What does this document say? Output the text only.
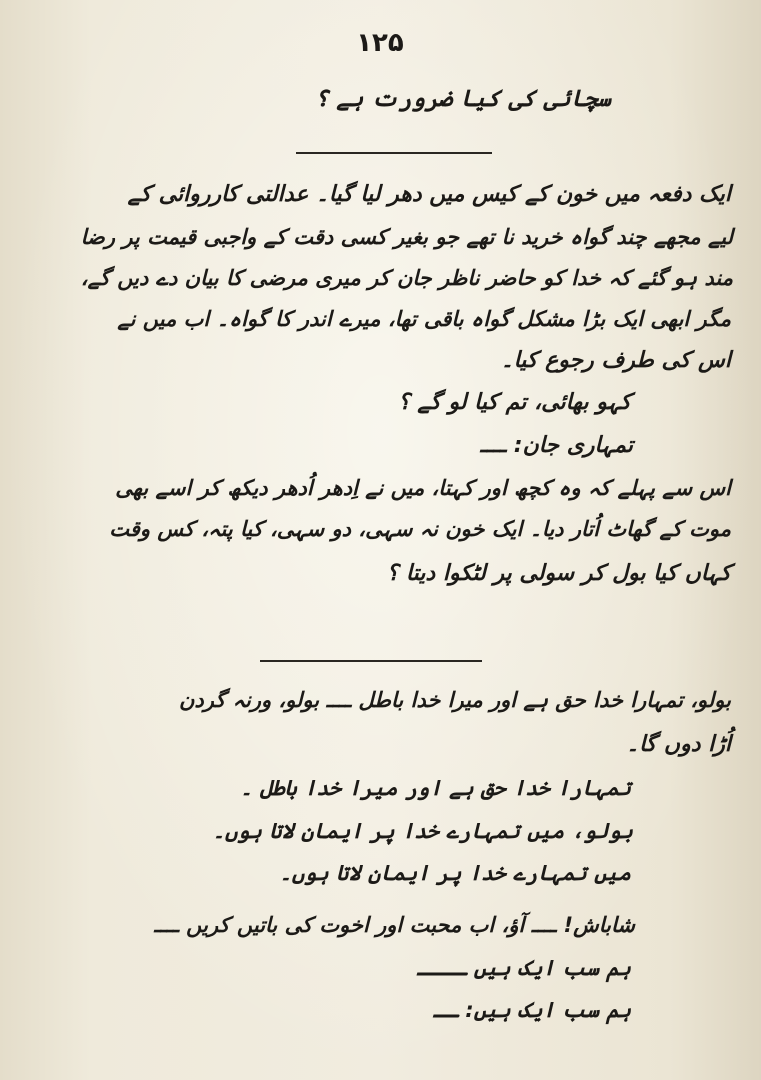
۱۲۵
سچائی کی کیا ضرورت ہے ؟
ایک دفعہ میں خون کے کیس میں دھر لیا گیا۔ عدالتی کارروائی کے
لیے مجھے چند گواہ خرید نا تھے جو بغیر کسی دقت کے واجبی قیمت پر رضا
مند ہو گئے کہ خدا کو حاضر ناظر جان کر میری مرضی کا بیان دے دیں گے،
مگر ابھی ایک بڑا مشکل گواہ باقی تھا، میرے اندر کا گواہ۔ اب میں نے
اس کی طرف رجوع کیا۔
کہو بھائی، تم کیا لو گے ؟
تمہاری جان: ــــ
اس سے پہلے کہ وہ کچھ اور کہتا، میں نے اِدھر اُدھر دیکھ کر اسے بھی
موت کے گھاٹ اُتار دیا۔ ایک خون نہ سہی، دو سہی، کیا پتہ، کس وقت
کہاں کیا بول کر سولی پر لٹکوا دیتا ؟
بولو، تمہارا خدا حق ہے اور میرا خدا باطل ــــ بولو، ورنہ گردن
اُڑا دوں گا۔
تمہارا خدا حق ہے اور میرا خدا باطل ۔
بولو، میں تمہارے خدا پر ایمان لاتا ہوں۔
میں تمہارے خدا پر ایمان لاتا ہوں۔
شاباش! ــــ آؤ، اب محبت اور اخوت کی باتیں کریں ــــ
ہم سب ایک ہیں ــــ
ہم سب ایک ہیں: ــ
